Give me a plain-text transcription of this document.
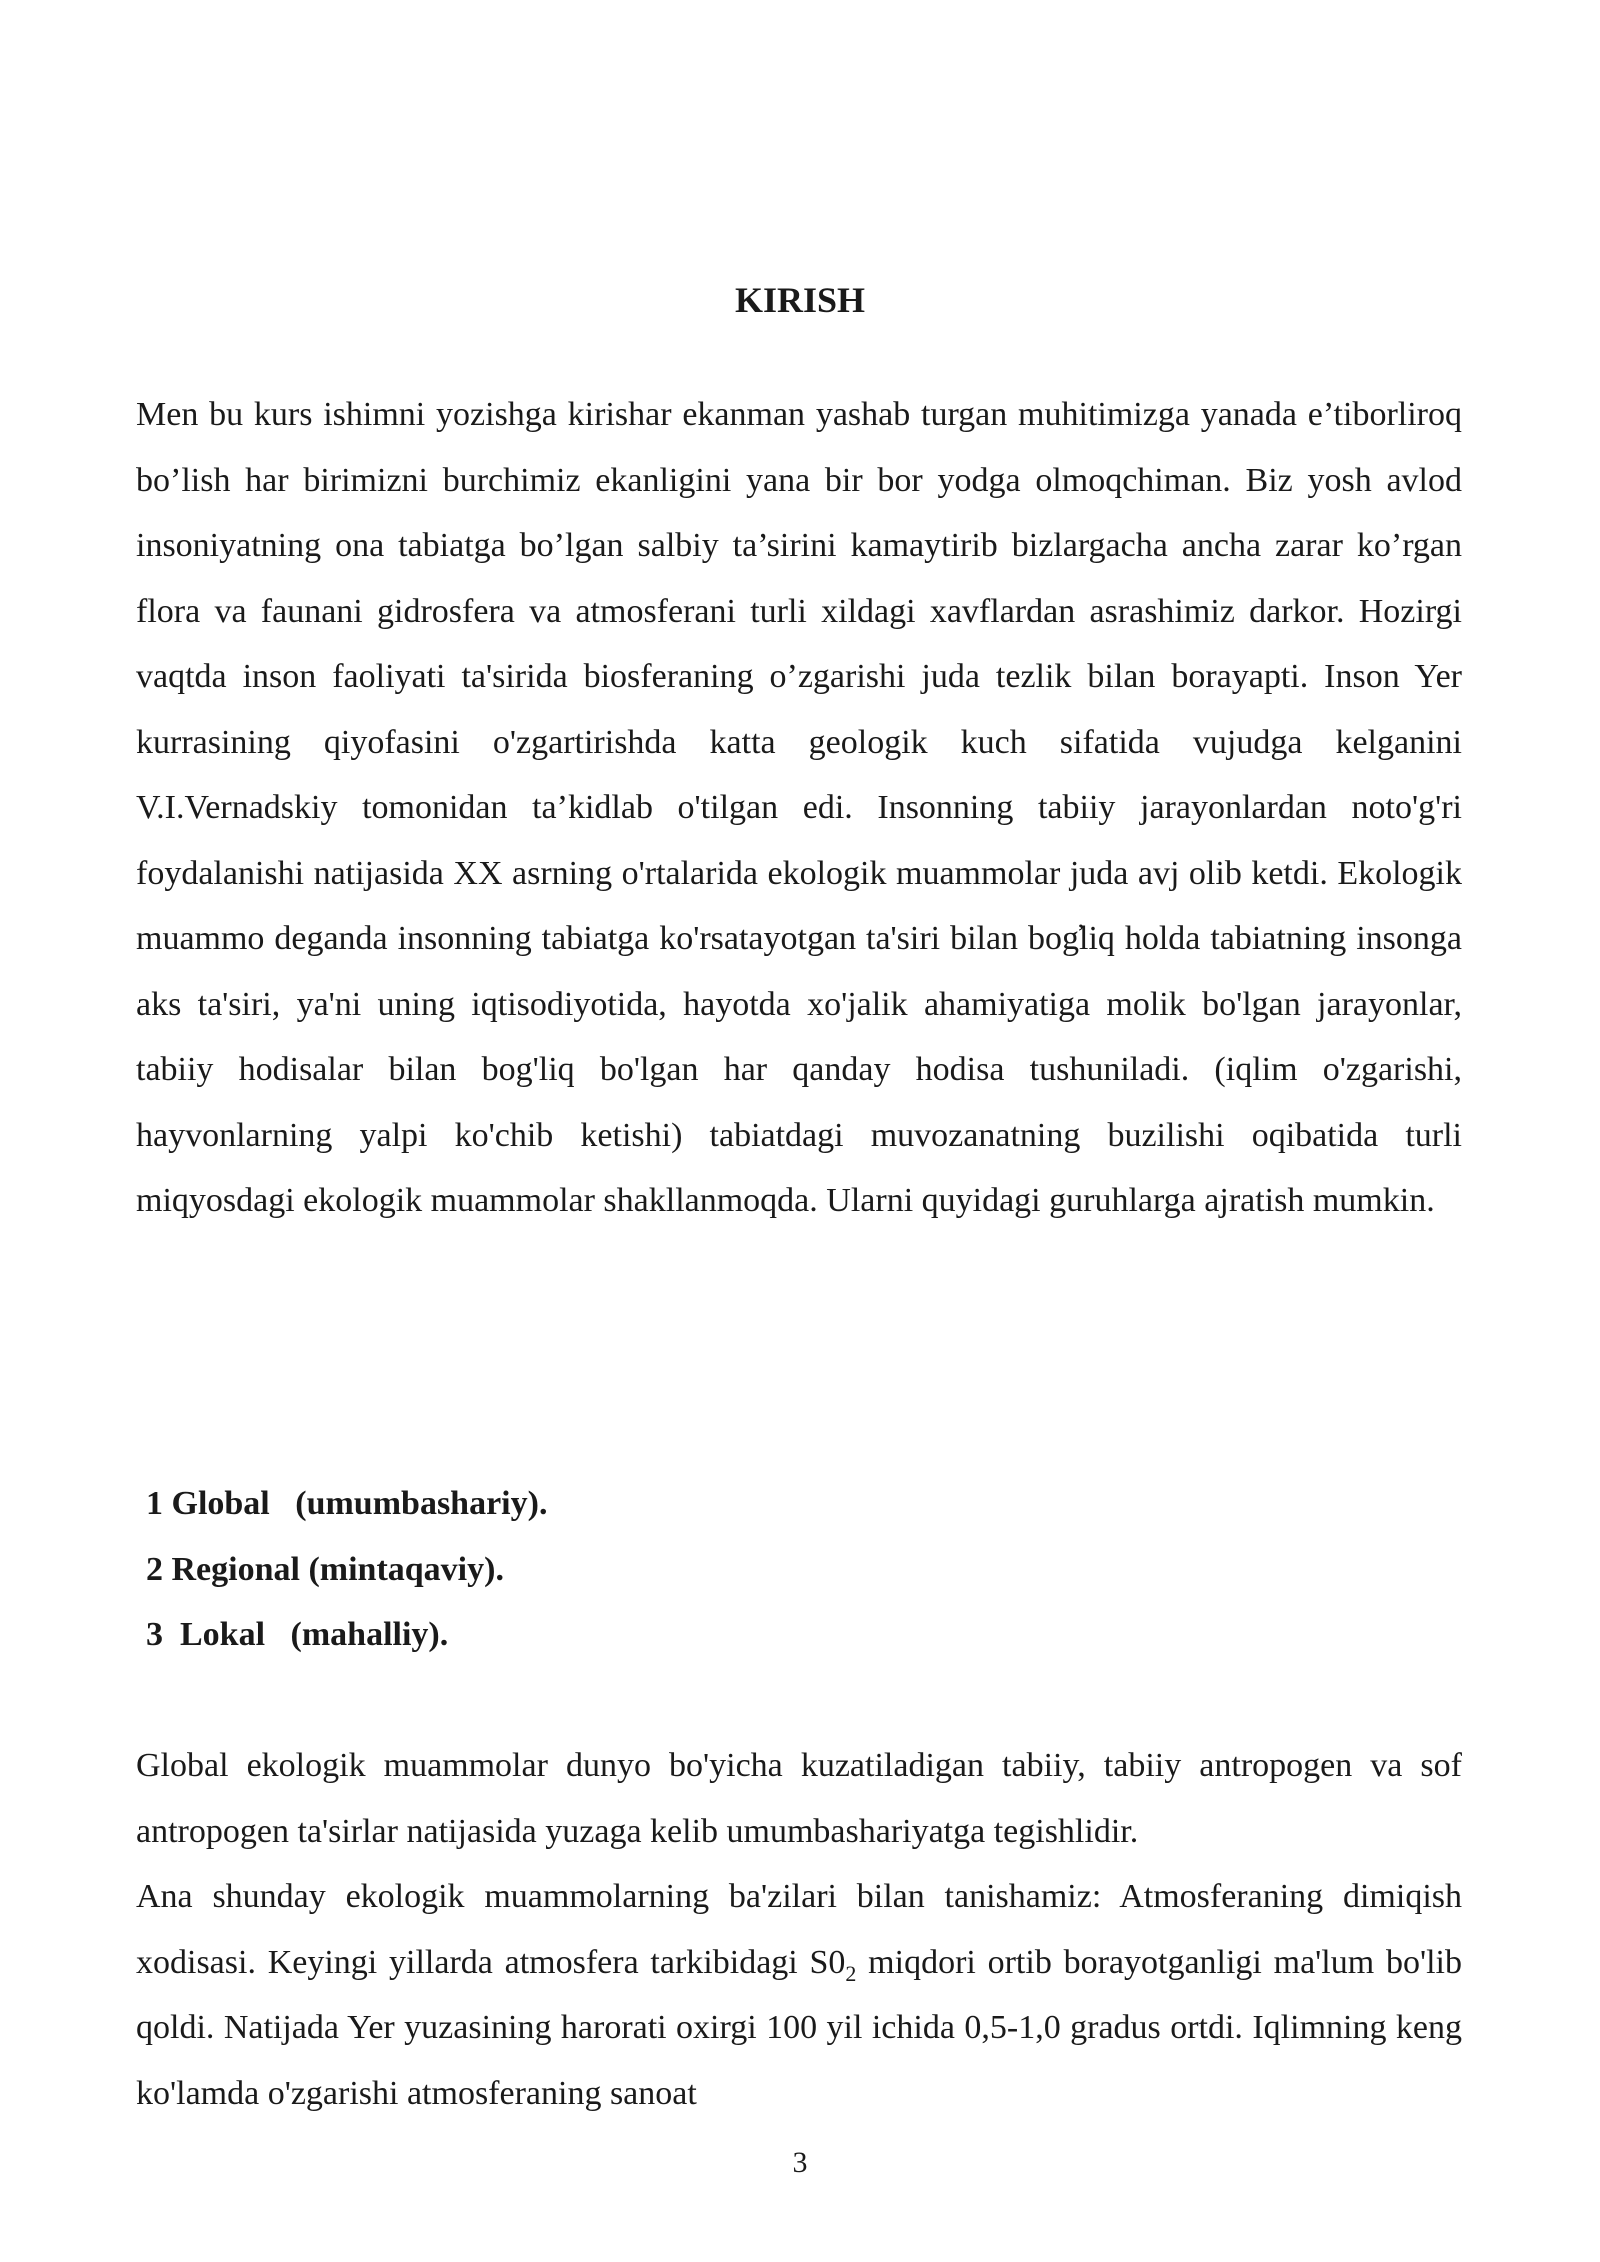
KIRISH

Men bu kurs ishimni yozishga kirishar ekanman yashab turgan muhitimizga yanada e’tiborliroq bo’lish har birimizni burchimiz ekanligini yana bir bor yodga olmoqchiman. Biz yosh avlod insoniyatning ona tabiatga bo’lgan salbiy ta’sirini kamaytirib bizlargacha ancha zarar ko’rgan flora va faunani gidrosfera va atmosferani turli xildagi xavflardan asrashimiz darkor. Hozirgi vaqtda inson faoliyati ta'sirida biosferaning o’zgarishi juda tezlik bilan borayapti. Inson Yer kurrasining qiyofasini o'zgartirishda katta geologik kuch sifatida vujudga kelganini V.I.Vernadskiy tomonidan ta’kidlab o'tilgan edi. Insonning tabiiy jarayonlardan noto'g'ri foydalanishi natijasida XX asrning o'rtalarida ekologik muammolar juda avj olib ketdi. Ekologik muammo deganda insonning tabiatga ko'rsatayotgan ta'siri bilan bog̕liq holda tabiatning insonga aks ta'siri, ya'ni uning iqtisodiyotida, hayotda xo'jalik ahamiyatiga molik bo'lgan jarayonlar, tabiiy hodisalar bilan bog'liq bo'lgan har qanday hodisa tushuniladi. (iqlim o'zgarishi, hayvonlarning yalpi ko'chib ketishi) tabiatdagi muvozanatning buzilishi oqibatida turli miqyosdagi ekologik muammolar shakllanmoqda. Ularni quyidagi guruhlarga ajratish mumkin.

1 Global   (umumbashariy).
2 Regional (mintaqaviy).
3  Lokal   (mahalliy).

Global ekologik muammolar dunyo bo'yicha kuzatiladigan tabiiy, tabiiy antropogen va sof antropogen ta'sirlar natijasida yuzaga kelib umumbashariyatga tegishlidir.

Ana shunday ekologik muammolarning ba'zilari bilan tanishamiz: Atmosferaning dimiqish xodisasi. Keyingi yillarda atmosfera tarkibidagi $S0_2$ miqdori ortib borayotganligi ma'lum bo'lib qoldi. Natijada Yer yuzasining harorati oxirgi 100 yil ichida 0,5-1,0 gradus ortdi. Iqlimning keng ko'lamda o'zgarishi atmosferaning sanoat

3
